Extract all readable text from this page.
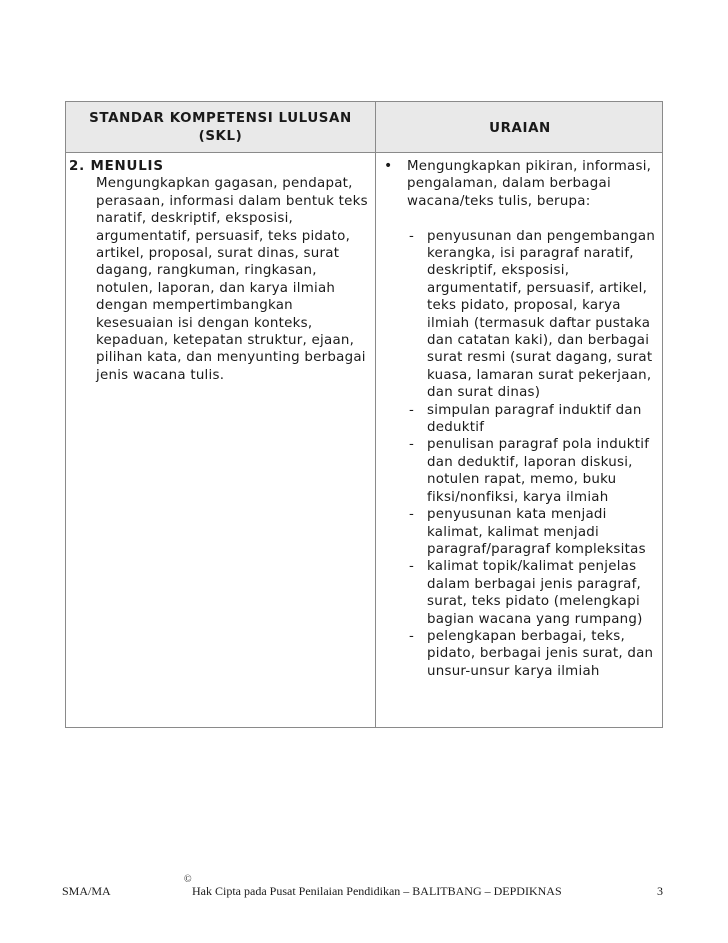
STANDAR KOMPETENSI LULUSAN
(SKL)
URAIAN
2. MENULIS

Mengungkapkan gagasan, pendapat, perasaan, informasi dalam bentuk teks naratif, deskriptif, eksposisi, argumentatif, persuasif, teks pidato, artikel, proposal, surat dinas, surat dagang, rangkuman, ringkasan, notulen, laporan, dan karya ilmiah dengan mempertimbangkan kesesuaian isi dengan konteks, kepaduan, ketepatan struktur, ejaan, pilihan kata, dan menyunting berbagai jenis wacana tulis.

• Mengungkapkan pikiran, informasi, pengalaman, dalam berbagai wacana/teks tulis, berupa:

- penyusunan dan pengembangan kerangka, isi paragraf naratif, deskriptif, eksposisi, argumentatif, persuasif, artikel, teks pidato, proposal, karya ilmiah (termasuk daftar pustaka dan catatan kaki), dan berbagai surat resmi (surat dagang, surat kuasa, lamaran surat pekerjaan, dan surat dinas)
- simpulan paragraf induktif dan deduktif
- penulisan paragraf pola induktif dan deduktif, laporan diskusi, notulen rapat, memo, buku fiksi/nonfiksi, karya ilmiah
- penyusunan kata menjadi kalimat, kalimat menjadi paragraf/paragraf kompleksitas
- kalimat topik/kalimat penjelas dalam berbagai jenis paragraf, surat, teks pidato (melengkapi bagian wacana yang rumpang)
- pelengkapan berbagai, teks, pidato, berbagai jenis surat, dan unsur-unsur karya ilmiah
SMA/MA
©
Hak Cipta pada Pusat Penilaian Pendidikan – BALITBANG – DEPDIKNAS	3
